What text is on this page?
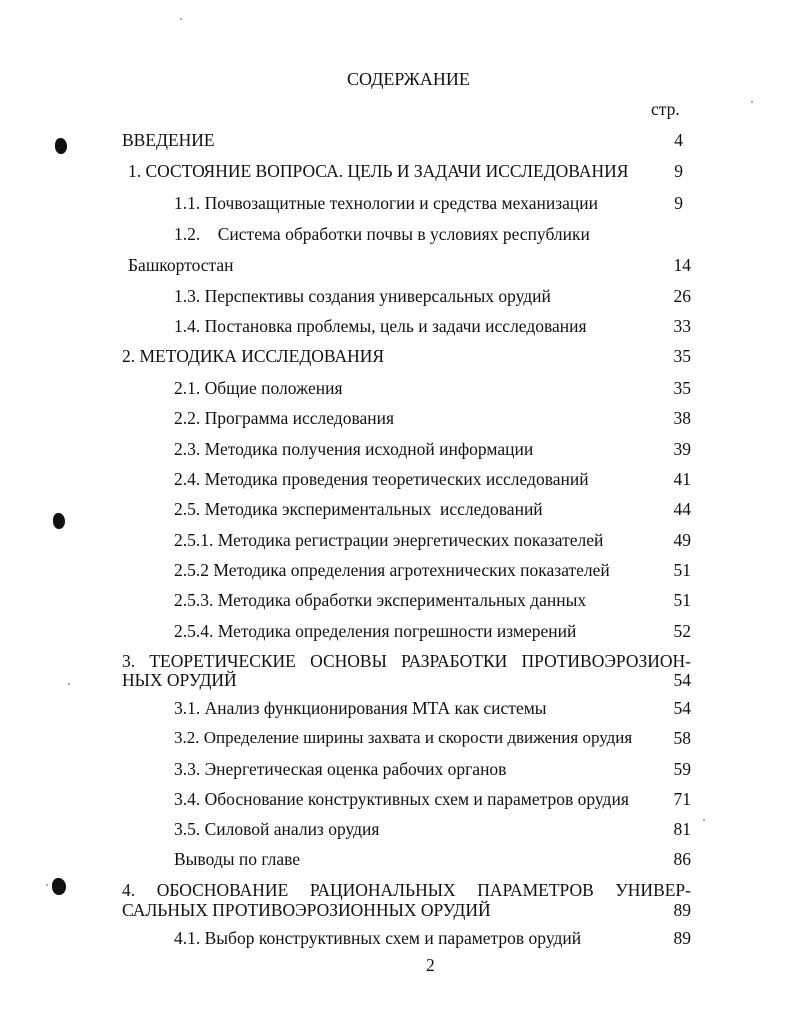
СОДЕРЖАНИЕ
стр.
ВВЕДЕНИЕ	4
1. СОСТОЯНИЕ ВОПРОСА. ЦЕЛЬ И ЗАДАЧИ ИССЛЕДОВАНИЯ	9
1.1. Почвозащитные технологии и средства механизации	9
1.2.    Система обработки почвы в условиях республики
Башкортостан	14
1.3. Перспективы создания универсальных орудий	26
1.4. Постановка проблемы, цель и задачи исследования	33
2. МЕТОДИКА ИССЛЕДОВАНИЯ	35
2.1. Общие положения	35
2.2. Программа исследования	38
2.3. Методика получения исходной информации	39
2.4. Методика проведения теоретических исследований	41
2.5. Методика экспериментальных  исследований	44
2.5.1. Методика регистрации энергетических показателей	49
2.5.2 Методика определения агротехнических показателей	51
2.5.3. Методика обработки экспериментальных данных	51
2.5.4. Методика определения погрешности измерений	52
3. ТЕОРЕТИЧЕСКИЕ ОСНОВЫ РАЗРАБОТКИ ПРОТИВОЭРОЗИОН-
НЫХ ОРУДИЙ	54
3.1. Анализ функционирования МТА как системы	54
3.2. Определение ширины захвата и скорости движения орудия	58
3.3. Энергетическая оценка рабочих органов	59
3.4. Обоснование конструктивных схем и параметров орудия	71
3.5. Силовой анализ орудия	81
Выводы по главе	86
4. ОБОСНОВАНИЕ РАЦИОНАЛЬНЫХ ПАРАМЕТРОВ УНИВЕР-
САЛЬНЫХ ПРОТИВОЭРОЗИОННЫХ ОРУДИЙ	89
4.1. Выбор конструктивных схем и параметров орудий	89
2
